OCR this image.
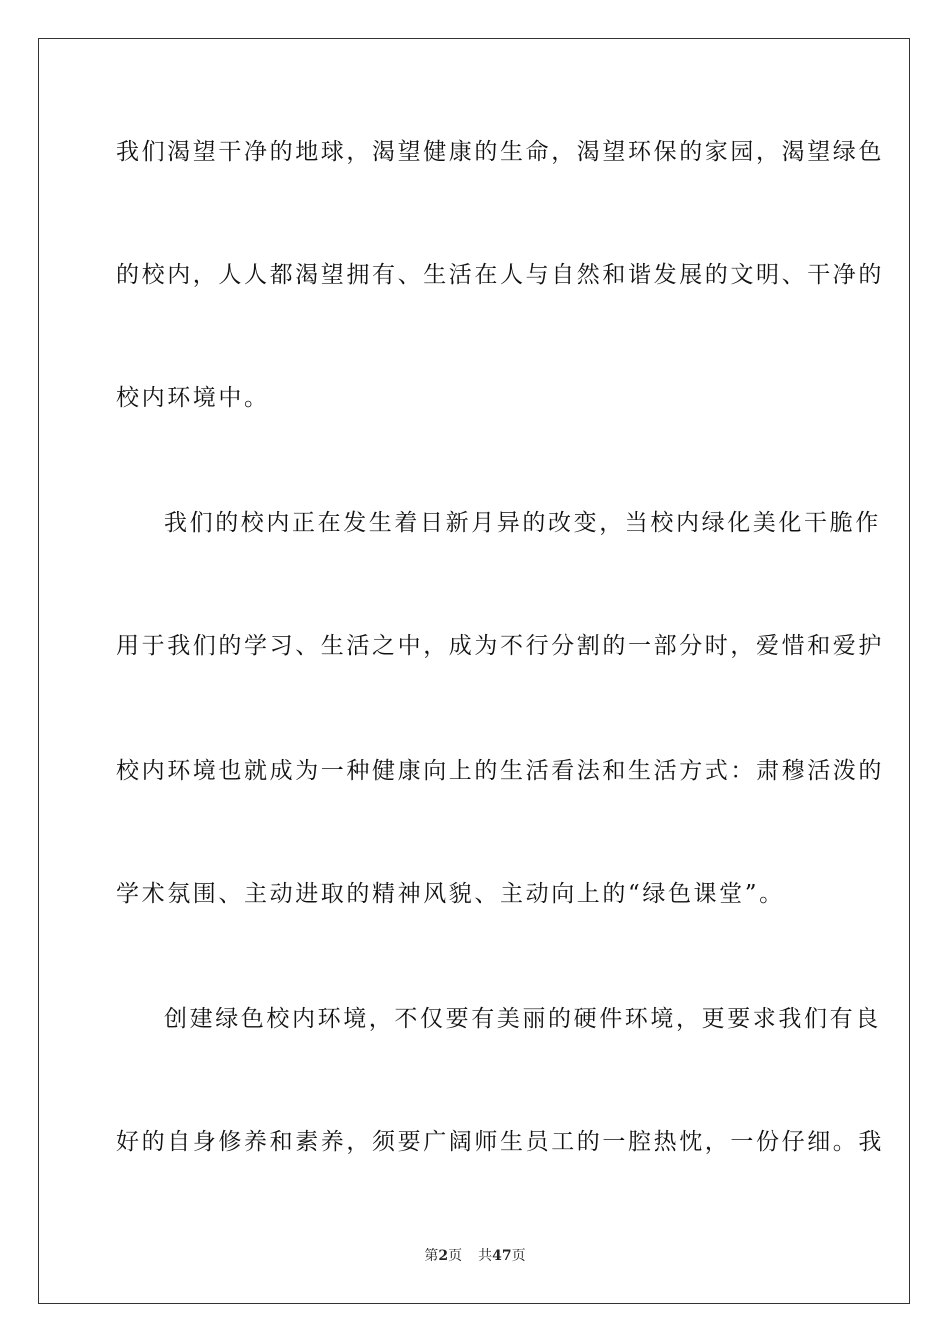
我们渴望干净的地球，渴望健康的生命，渴望环保的家园，渴望绿色
的校内，人人都渴望拥有、生活在人与自然和谐发展的文明、干净的
校内环境中。
我们的校内正在发生着日新月异的改变，当校内绿化美化干脆作
用于我们的学习、生活之中，成为不行分割的一部分时，爱惜和爱护
校内环境也就成为一种健康向上的生活看法和生活方式：肃穆活泼的
学术氛围、主动进取的精神风貌、主动向上的“绿色课堂”。
创建绿色校内环境，不仅要有美丽的硬件环境，更要求我们有良
好的自身修养和素养，须要广阔师生员工的一腔热忱，一份仔细。我
第2页 共47页
